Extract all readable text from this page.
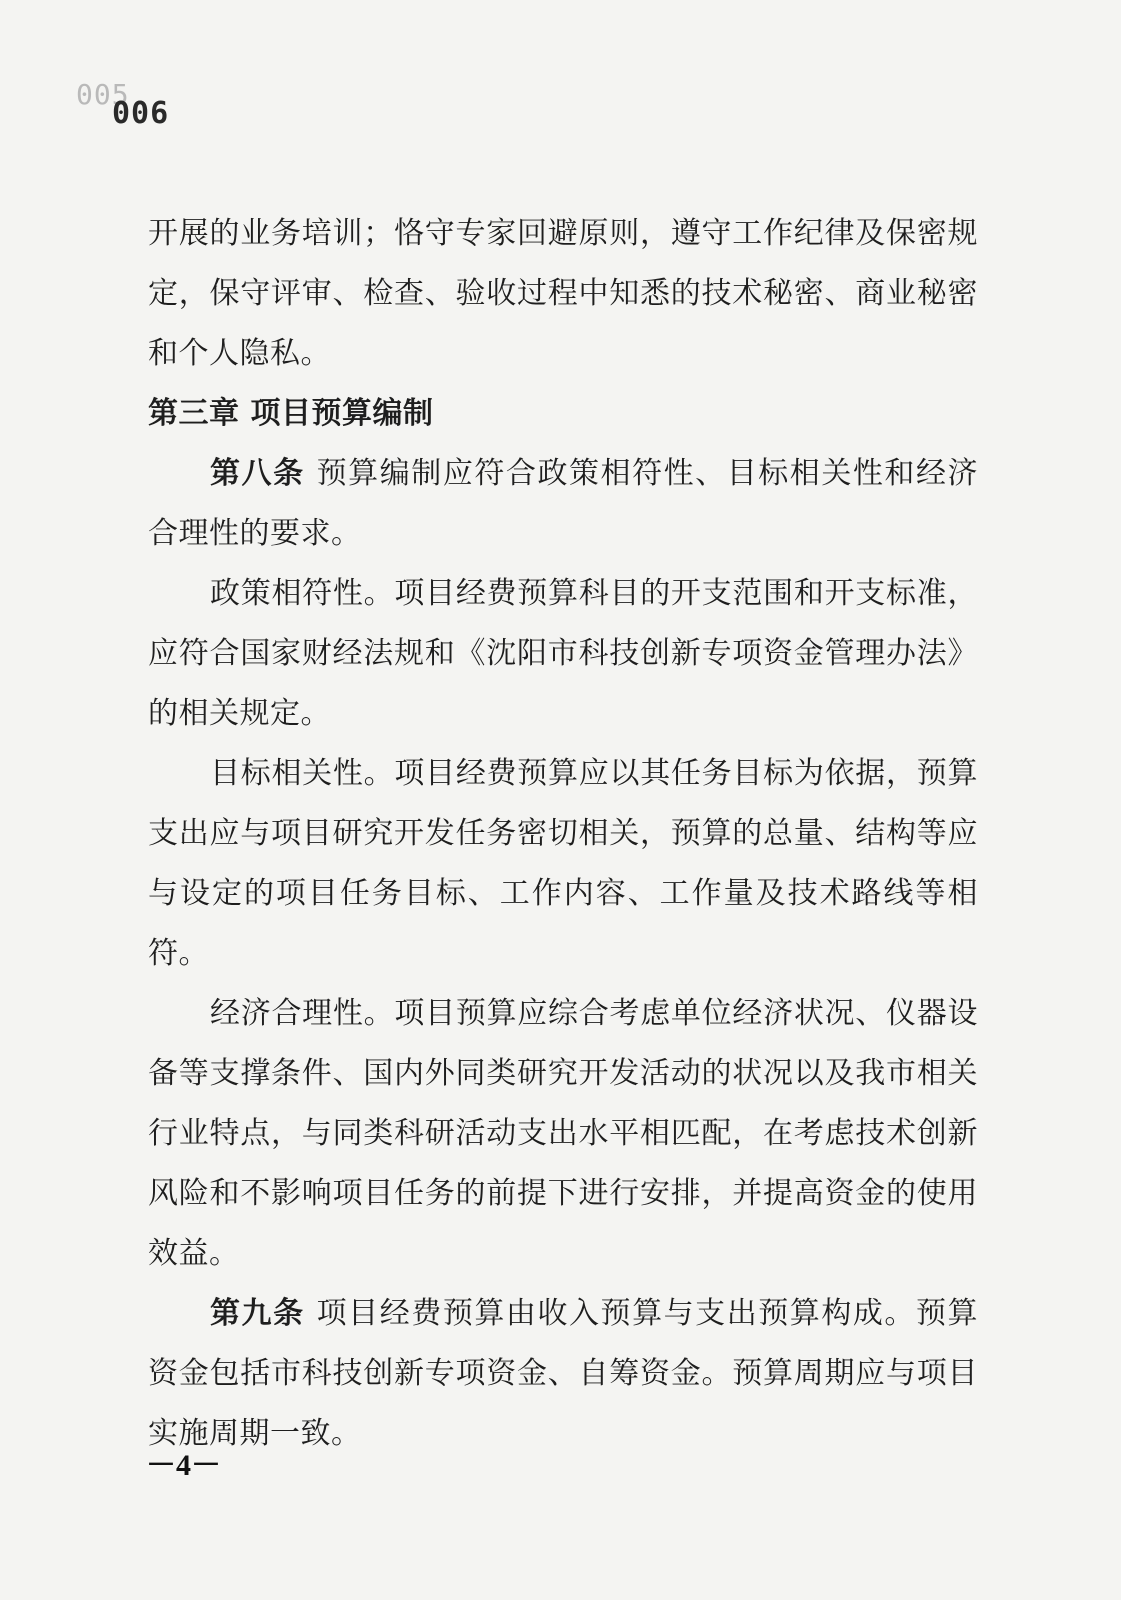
005
006

开展的业务培训；恪守专家回避原则，遵守工作纪律及保密规定，保守评审、检查、验收过程中知悉的技术秘密、商业秘密和个人隐私。

第三章 项目预算编制

第八条 预算编制应符合政策相符性、目标相关性和经济合理性的要求。

政策相符性。项目经费预算科目的开支范围和开支标准，应符合国家财经法规和《沈阳市科技创新专项资金管理办法》的相关规定。

目标相关性。项目经费预算应以其任务目标为依据，预算支出应与项目研究开发任务密切相关，预算的总量、结构等应与设定的项目任务目标、工作内容、工作量及技术路线等相符。

经济合理性。项目预算应综合考虑单位经济状况、仪器设备等支撑条件、国内外同类研究开发活动的状况以及我市相关行业特点，与同类科研活动支出水平相匹配，在考虑技术创新风险和不影响项目任务的前提下进行安排，并提高资金的使用效益。

第九条 项目经费预算由收入预算与支出预算构成。预算资金包括市科技创新专项资金、自筹资金。预算周期应与项目实施周期一致。

－4－
